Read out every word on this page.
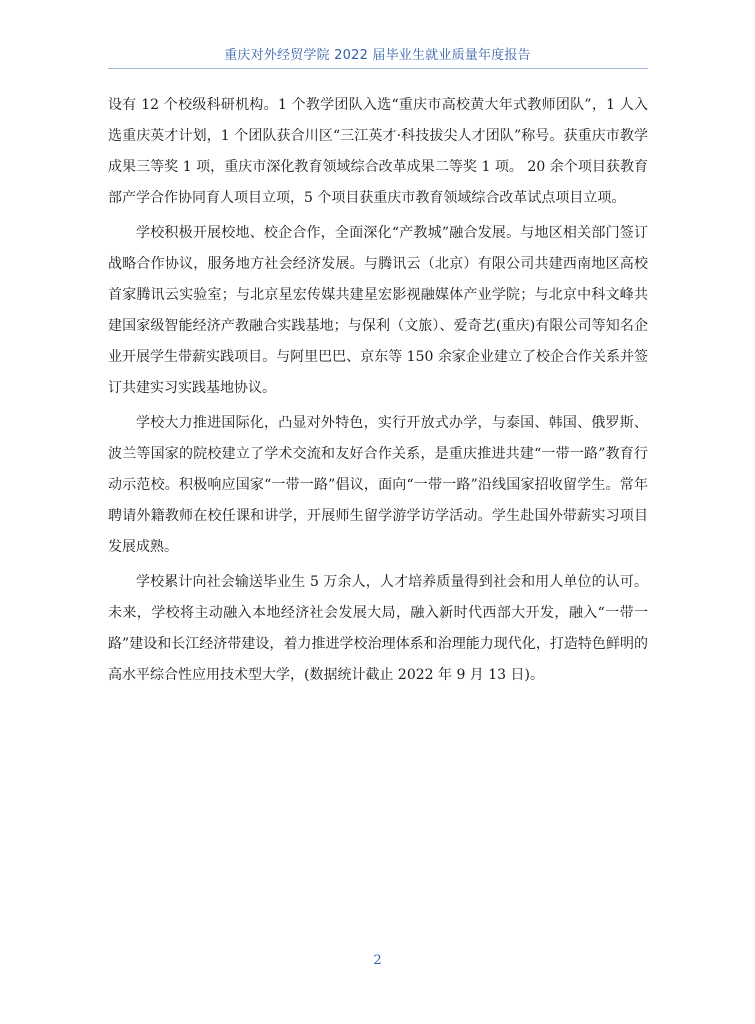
重庆对外经贸学院 2022 届毕业生就业质量年度报告

设有 12 个校级科研机构。1 个教学团队入选“重庆市高校黄大年式教师团队”，1 人入选重庆英才计划，1 个团队获合川区“三江英才·科技拔尖人才团队”称号。获重庆市教学成果三等奖 1 项，重庆市深化教育领域综合改革成果二等奖 1 项。 20 余个项目获教育部产学合作协同育人项目立项，5 个项目获重庆市教育领域综合改革试点项目立项。

学校积极开展校地、校企合作，全面深化“产教城”融合发展。与地区相关部门签订战略合作协议，服务地方社会经济发展。与腾讯云（北京）有限公司共建西南地区高校首家腾讯云实验室；与北京星宏传媒共建星宏影视融媒体产业学院；与北京中科文峰共建国家级智能经济产教融合实践基地；与保利（文旅）、爱奇艺(重庆)有限公司等知名企业开展学生带薪实践项目。与阿里巴巴、京东等 150 余家企业建立了校企合作关系并签订共建实习实践基地协议。

学校大力推进国际化，凸显对外特色，实行开放式办学，与泰国、韩国、俄罗斯、波兰等国家的院校建立了学术交流和友好合作关系，是重庆推进共建“一带一路”教育行动示范校。积极响应国家“一带一路”倡议，面向“一带一路”沿线国家招收留学生。常年聘请外籍教师在校任课和讲学，开展师生留学游学访学活动。学生赴国外带薪实习项目发展成熟。

学校累计向社会输送毕业生 5 万余人，人才培养质量得到社会和用人单位的认可。未来，学校将主动融入本地经济社会发展大局，融入新时代西部大开发，融入“一带一路”建设和长江经济带建设，着力推进学校治理体系和治理能力现代化，打造特色鲜明的高水平综合性应用技术型大学，(数据统计截止 2022 年 9 月 13 日)。

2
